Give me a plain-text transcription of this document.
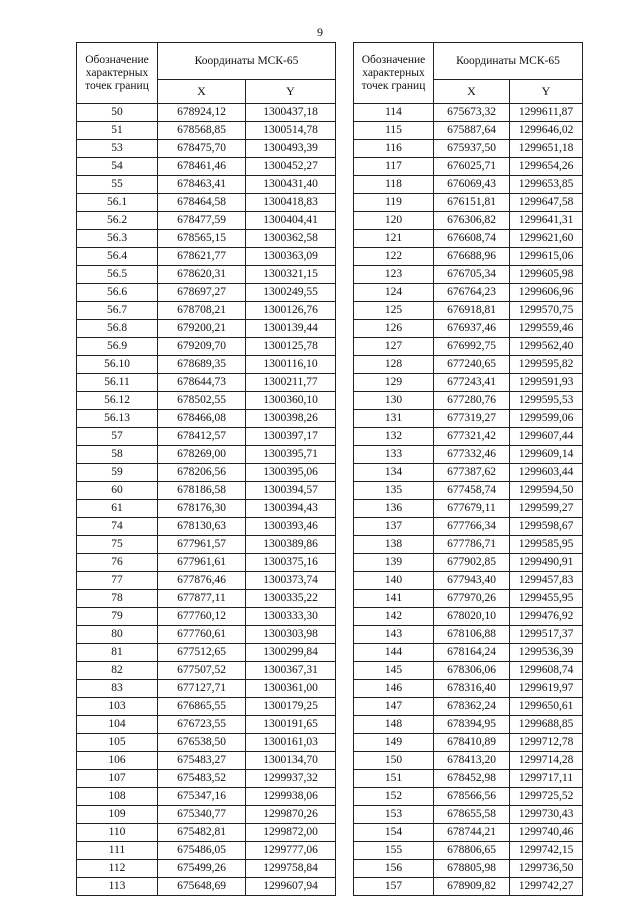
9
Обозначение характерных точек границ	Координаты МСК-65	
	X	Y
50	678924,12	1300437,18
51	678568,85	1300514,78
53	678475,70	1300493,39
54	678461,46	1300452,27
55	678463,41	1300431,40
56.1	678464,58	1300418,83
56.2	678477,59	1300404,41
56.3	678565,15	1300362,58
56.4	678621,77	1300363,09
56.5	678620,31	1300321,15
56.6	678697,27	1300249,55
56.7	678708,21	1300126,76
56.8	679200,21	1300139,44
56.9	679209,70	1300125,78
56.10	678689,35	1300116,10
56.11	678644,73	1300211,77
56.12	678502,55	1300360,10
56.13	678466,08	1300398,26
57	678412,57	1300397,17
58	678269,00	1300395,71
59	678206,56	1300395,06
60	678186,58	1300394,57
61	678176,30	1300394,43
74	678130,63	1300393,46
75	677961,57	1300389,86
76	677961,61	1300375,16
77	677876,46	1300373,74
78	677877,11	1300335,22
79	677760,12	1300333,30
80	677760,61	1300303,98
81	677512,65	1300299,84
82	677507,52	1300367,31
83	677127,71	1300361,00
103	676865,55	1300179,25
104	676723,55	1300191,65
105	676538,50	1300161,03
106	675483,27	1300134,70
107	675483,52	1299937,32
108	675347,16	1299938,06
109	675340,77	1299870,26
110	675482,81	1299872,00
111	675486,05	1299777,06
112	675499,26	1299758,84
113	675648,69	1299607,94
Обозначение характерных точек границ	Координаты МСК-65	
	X	Y
114	675673,32	1299611,87
115	675887,64	1299646,02
116	675937,50	1299651,18
117	676025,71	1299654,26
118	676069,43	1299653,85
119	676151,81	1299647,58
120	676306,82	1299641,31
121	676608,74	1299621,60
122	676688,96	1299615,06
123	676705,34	1299605,98
124	676764,23	1299606,96
125	676918,81	1299570,75
126	676937,46	1299559,46
127	676992,75	1299562,40
128	677240,65	1299595,82
129	677243,41	1299591,93
130	677280,76	1299595,53
131	677319,27	1299599,06
132	677321,42	1299607,44
133	677332,46	1299609,14
134	677387,62	1299603,44
135	677458,74	1299594,50
136	677679,11	1299599,27
137	677766,34	1299598,67
138	677786,71	1299585,95
139	677902,85	1299490,91
140	677943,40	1299457,83
141	677970,26	1299455,95
142	678020,10	1299476,92
143	678106,88	1299517,37
144	678164,24	1299536,39
145	678306,06	1299608,74
146	678316,40	1299619,97
147	678362,24	1299650,61
148	678394,95	1299688,85
149	678410,89	1299712,78
150	678413,20	1299714,28
151	678452,98	1299717,11
152	678566,56	1299725,52
153	678655,58	1299730,43
154	678744,21	1299740,46
155	678806,65	1299742,15
156	678805,98	1299736,50
157	678909,82	1299742,27
